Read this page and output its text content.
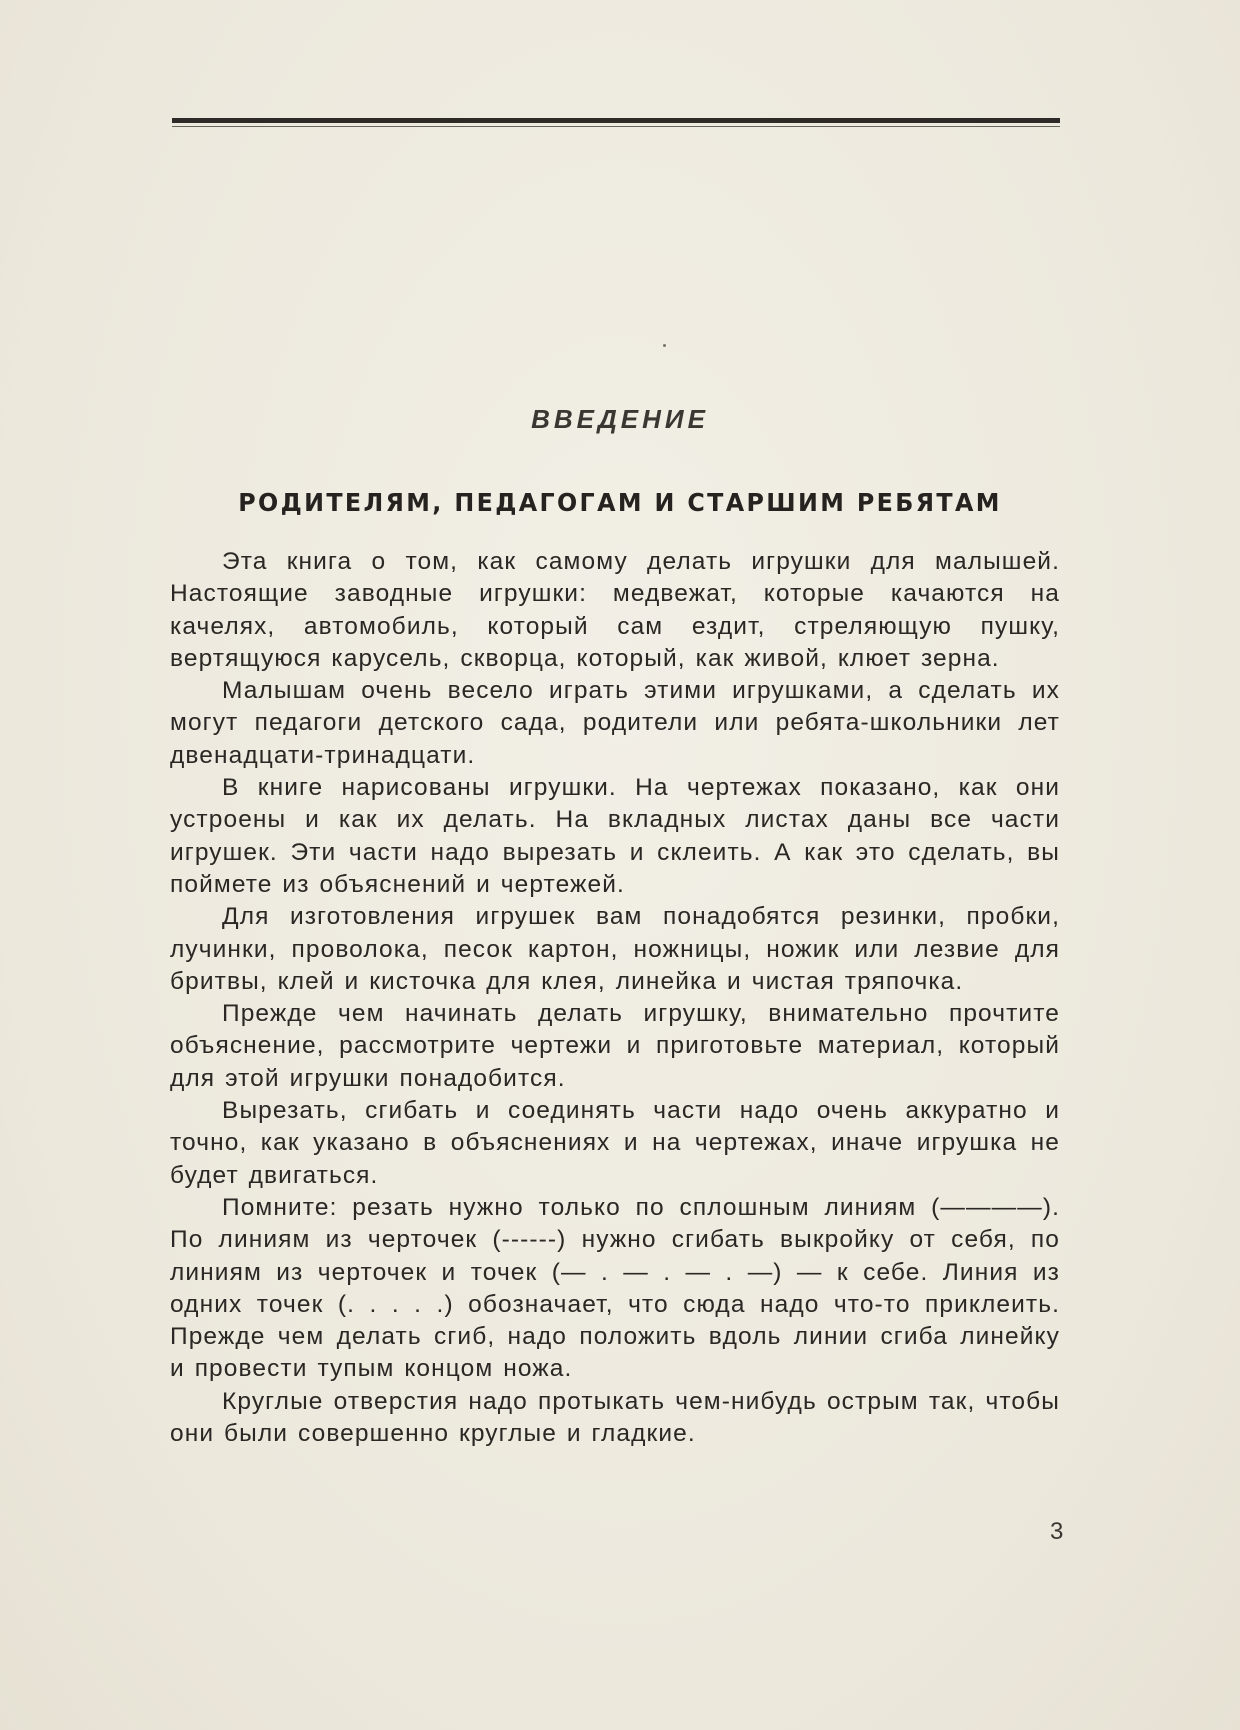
ВВЕДЕНИЕ
РОДИТЕЛЯМ, ПЕДАГОГАМ И СТАРШИМ РЕБЯТАМ

Эта книга о том, как самому делать игрушки для малышей. Настоящие заводные игрушки: медвежат, которые качаются на качелях, автомобиль, который сам ездит, стреляющую пушку, вертящуюся карусель, скворца, который, как живой, клюет зерна.

Малышам очень весело играть этими игрушками, а сделать их могут педагоги детского сада, родители или ребята-школьники лет двенадцати-тринадцати.

В книге нарисованы игрушки. На чертежах показано, как они устроены и как их делать. На вкладных листах даны все части игрушек. Эти части надо вырезать и склеить. А как это сделать, вы поймете из объяснений и чертежей.

Для изготовления игрушек вам понадобятся резинки, пробки, лучинки, проволока, песок картон, ножницы, ножик или лезвие для бритвы, клей и кисточка для клея, линейка и чистая тряпочка.

Прежде чем начинать делать игрушку, внимательно прочтите объяснение, рассмотрите чертежи и приготовьте материал, который для этой игрушки понадобится.

Вырезать, сгибать и соединять части надо очень аккуратно и точно, как указано в объяснениях и на чертежах, иначе игрушка не будет двигаться.

Помните: резать нужно только по сплошным линиям (————). По линиям из черточек (------) нужно сгибать выкройку от себя, по линиям из черточек и точек (— . — . — . —) — к себе. Линия из одних точек (. . . . .) обозначает, что сюда надо что-то приклеить. Прежде чем делать сгиб, надо положить вдоль линии сгиба линейку и провести тупым концом ножа.

Круглые отверстия надо протыкать чем-нибудь острым так, чтобы они были совершенно круглые и гладкие.

3
